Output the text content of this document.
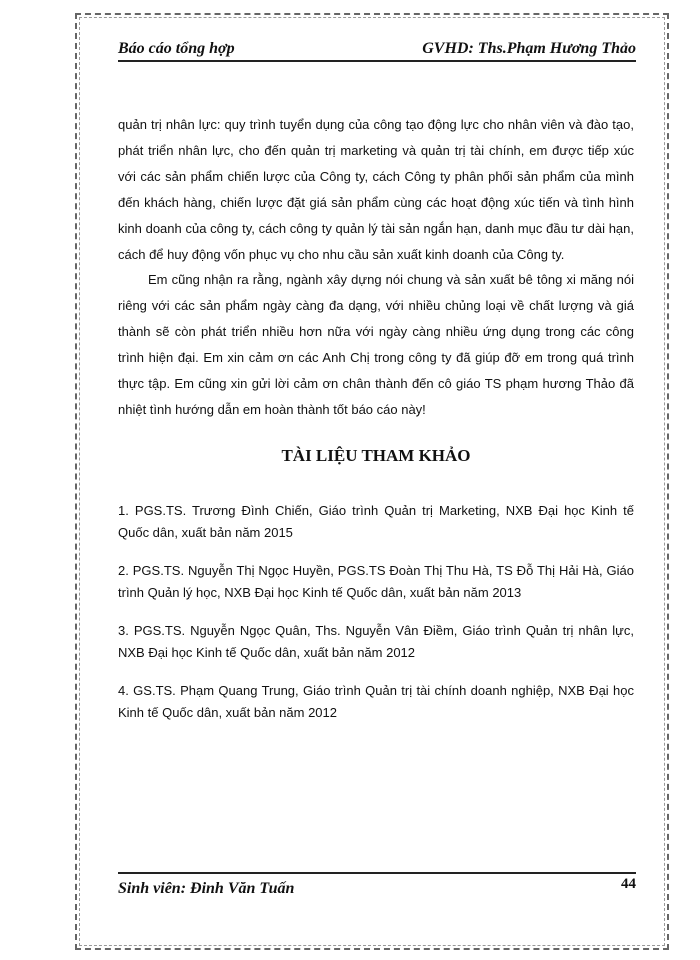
Báo cáo tổng hợp	GVHD: Ths.Phạm Hương Thảo

quản trị nhân lực: quy trình tuyển dụng của công tạo động lực cho nhân viên và đào tạo, phát triển nhân lực, cho đến quản trị marketing và quản trị tài chính, em được tiếp xúc với các sản phẩm chiến lược của Công ty, cách Công ty phân phối sản phẩm của mình đến khách hàng, chiến lược đặt giá sản phẩm cùng các hoạt động xúc tiến và tình hình kinh doanh của công ty, cách công ty quản lý tài sản ngắn hạn, danh mục đầu tư dài hạn, cách để huy động vốn phục vụ cho nhu cầu sản xuất kinh doanh của Công ty.

Em cũng nhận ra rằng, ngành xây dựng nói chung và sản xuất bê tông xi măng nói riêng với các sản phẩm ngày càng đa dạng, với nhiều chủng loại về chất lượng và giá thành sẽ còn phát triển nhiều hơn nữa với ngày càng nhiều ứng dụng trong các công trình hiện đại. Em xin cảm ơn các Anh Chị trong công ty đã giúp đỡ em trong quá trình thực tập. Em cũng xin gửi lời cảm ơn chân thành đến cô giáo TS phạm hương Thảo đã nhiệt tình hướng dẫn em hoàn thành tốt báo cáo này!

TÀI LIỆU THAM KHẢO

1. PGS.TS. Trương Đình Chiến, Giáo trình Quản trị Marketing, NXB Đại học Kinh tế Quốc dân, xuất bản năm 2015

2. PGS.TS. Nguyễn Thị Ngọc Huyền, PGS.TS Đoàn Thị Thu Hà, TS Đỗ Thị Hải Hà, Giáo trình Quản lý học, NXB Đại học Kinh tế Quốc dân, xuất bản năm 2013

3. PGS.TS. Nguyễn Ngọc Quân, Ths. Nguyễn Vân Điềm, Giáo trình Quản trị nhân lực, NXB Đại học Kinh tế Quốc dân, xuất bản năm 2012

4. GS.TS. Phạm Quang Trung, Giáo trình Quản trị tài chính doanh nghiệp, NXB Đại học Kinh tế Quốc dân, xuất bản năm 2012

Sinh viên: Đinh Văn Tuấn	44
